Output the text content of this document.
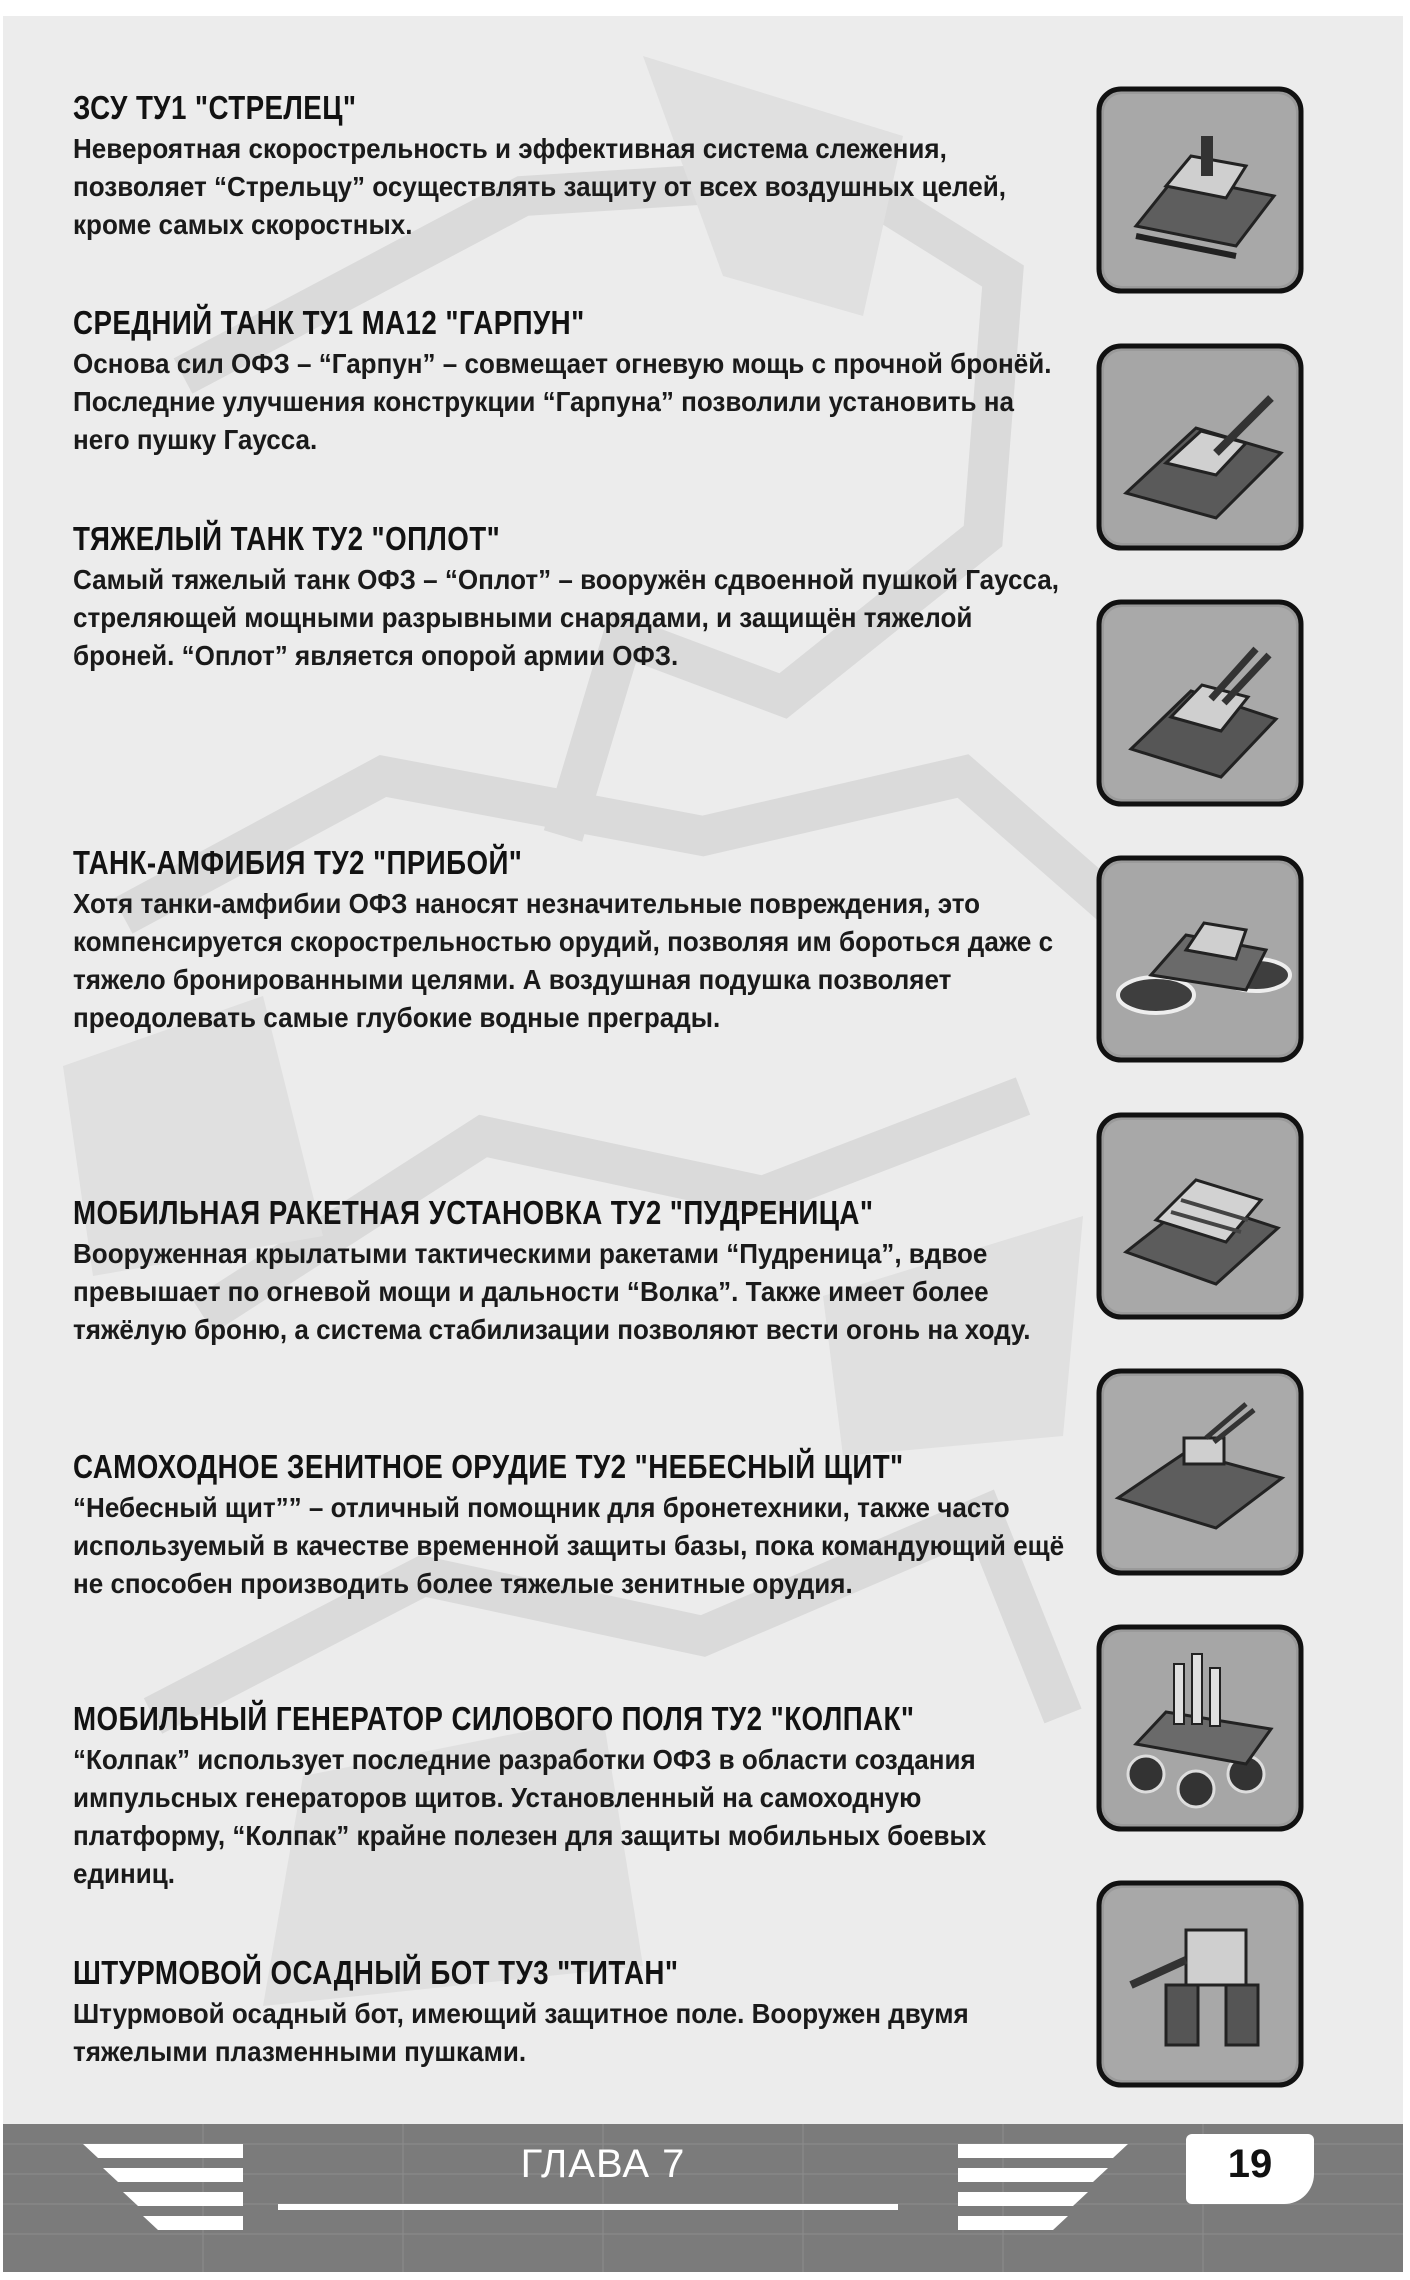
ЗСУ ТУ1 "СТРЕЛЕЦ"

Невероятная скорострельность и эффективная система слежения, позволяет “Стрельцу” осуществлять защиту от всех воздушных целей, кроме самых скоростных.

СРЕДНИЙ ТАНК ТУ1 МА12 "ГАРПУН"

Основа сил ОФЗ – “Гарпун” – совмещает огневую мощь с прочной бронёй. Последние улучшения конструкции “Гарпуна” позволили установить на него пушку Гаусса.

ТЯЖЕЛЫЙ ТАНК ТУ2 "ОПЛОТ"

Самый тяжелый танк ОФЗ – “Оплот” – вооружён сдвоенной пушкой Гаусса, стреляющей мощными разрывными снарядами, и защищён тяжелой броней. “Оплот” является опорой армии ОФЗ.

ТАНК-АМФИБИЯ ТУ2 "ПРИБОЙ"

Хотя танки-амфибии ОФЗ наносят незначительные повреждения, это компенсируется скорострельностью орудий, позволяя им бороться даже с тяжело бронированными целями. А воздушная подушка позволяет преодолевать самые глубокие водные преграды.

МОБИЛЬНАЯ РАКЕТНАЯ УСТАНОВКА ТУ2 "ПУДРЕНИЦА"

Вооруженная крылатыми тактическими ракетами “Пудреница”, вдвое превышает по огневой мощи и дальности “Волка”. Также имеет более тяжёлую броню, а система стабилизации позволяют вести огонь на ходу.

САМОХОДНОЕ ЗЕНИТНОЕ ОРУДИЕ ТУ2 "НЕБЕСНЫЙ ЩИТ"

“Небесный щит”” – отличный помощник для бронетехники, также часто используемый в качестве временной защиты базы, пока командующий ещё не способен производить более тяжелые зенитные орудия.

МОБИЛЬНЫЙ ГЕНЕРАТОР СИЛОВОГО ПОЛЯ ТУ2 "КОЛПАК"

“Колпак” использует последние разработки ОФЗ в области создания импульсных генераторов щитов. Установленный на самоходную платформу, “Колпак” крайне полезен для защиты мобильных боевых единиц.

ШТУРМОВОЙ ОСАДНЫЙ БОТ ТУ3 "ТИТАН"

Штурмовой осадный бот, имеющий защитное поле. Вооружен двумя тяжелыми плазменными пушками.

ГЛАВА 7	19
